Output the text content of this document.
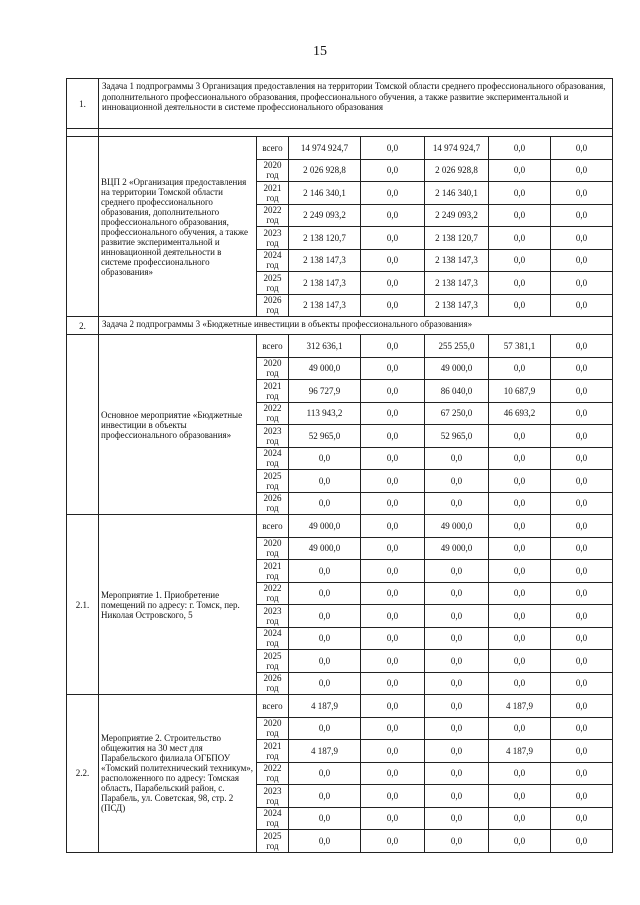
15
1.	Задача 1 подпрограммы 3 Организация предоставления на территории Томской области среднего профессионального образования, дополнительного профессионального образования, профессионального обучения, а также развитие экспериментальной и инновационной деятельности в системе профессионального образования						

	ВЦП 2 «Организация предоставления на территории Томской области среднего профессионального образования, дополнительного профессионального образования, профессионального обучения, а также развитие экспериментальной и инновационной деятельности в системе профессионального образования»	всего	14 974 924,7	0,0	14 974 924,7	0,0	0,0
		2020 год	2 026 928,8	0,0	2 026 928,8	0,0	0,0
		2021 год	2 146 340,1	0,0	2 146 340,1	0,0	0,0
		2022 год	2 249 093,2	0,0	2 249 093,2	0,0	0,0
		2023 год	2 138 120,7	0,0	2 138 120,7	0,0	0,0
		2024 год	2 138 147,3	0,0	2 138 147,3	0,0	0,0
		2025 год	2 138 147,3	0,0	2 138 147,3	0,0	0,0
		2026 год	2 138 147,3	0,0	2 138 147,3	0,0	0,0
2.	Задача 2 подпрограммы 3 «Бюджетные инвестиции в объекты профессионального образования»						
	Основное мероприятие «Бюджетные инвестиции в объекты профессионального образования»	всего	312 636,1	0,0	255 255,0	57 381,1	0,0
		2020 год	49 000,0	0,0	49 000,0	0,0	0,0
		2021 год	96 727,9	0,0	86 040,0	10 687,9	0,0
		2022 год	113 943,2	0,0	67 250,0	46 693,2	0,0
		2023 год	52 965,0	0,0	52 965,0	0,0	0,0
		2024 год	0,0	0,0	0,0	0,0	0,0
		2025 год	0,0	0,0	0,0	0,0	0,0
		2026 год	0,0	0,0	0,0	0,0	0,0
2.1.	Мероприятие 1. Приобретение помещений по адресу: г. Томск, пер. Николая Островского, 5	всего	49 000,0	0,0	49 000,0	0,0	0,0
		2020 год	49 000,0	0,0	49 000,0	0,0	0,0
		2021 год	0,0	0,0	0,0	0,0	0,0
		2022 год	0,0	0,0	0,0	0,0	0,0
		2023 год	0,0	0,0	0,0	0,0	0,0
		2024 год	0,0	0,0	0,0	0,0	0,0
		2025 год	0,0	0,0	0,0	0,0	0,0
		2026 год	0,0	0,0	0,0	0,0	0,0
2.2.	Мероприятие 2. Строительство общежития на 30 мест для Парабельского филиала ОГБПОУ «Томский политехнический техникум», расположенного по адресу: Томская область, Парабельский район, с. Парабель, ул. Советская, 98, стр. 2 (ПСД)	всего	4 187,9	0,0	0,0	4 187,9	0,0
		2020 год	0,0	0,0	0,0	0,0	0,0
		2021 год	4 187,9	0,0	0,0	4 187,9	0,0
		2022 год	0,0	0,0	0,0	0,0	0,0
		2023 год	0,0	0,0	0,0	0,0	0,0
		2024 год	0,0	0,0	0,0	0,0	0,0
		2025 год	0,0	0,0	0,0	0,0	0,0
